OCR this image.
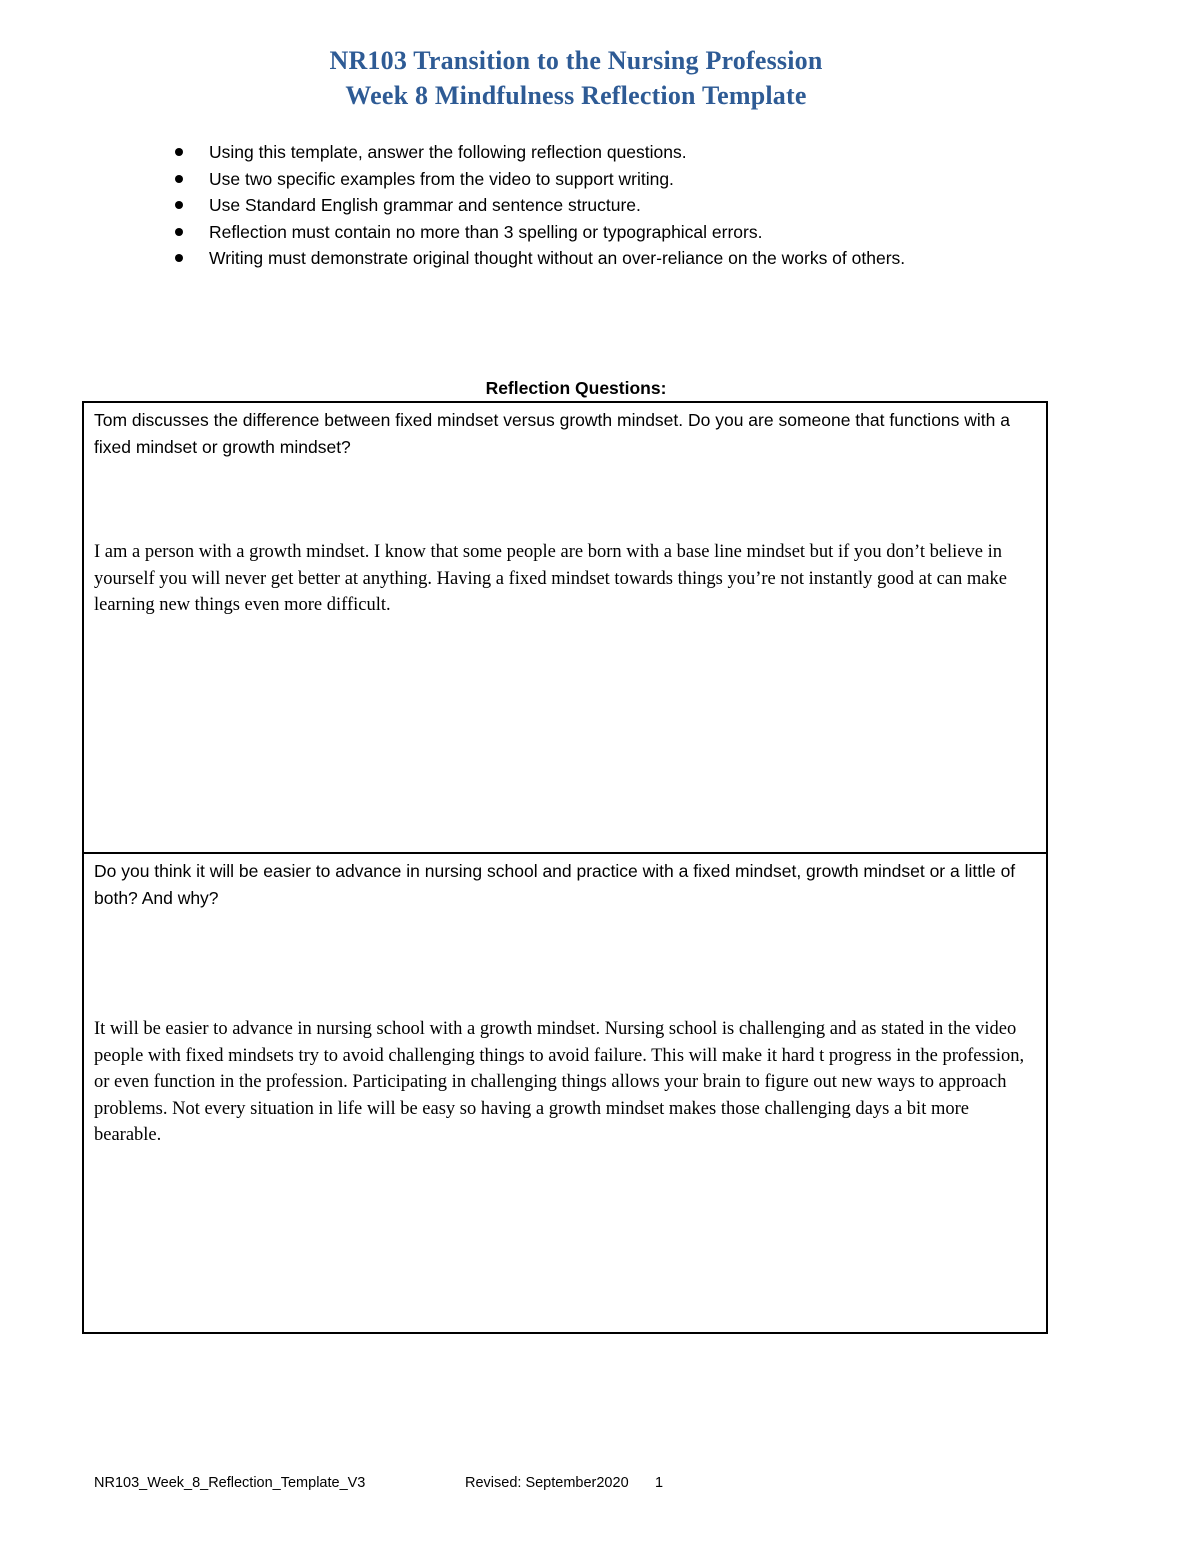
NR103 Transition to the Nursing Profession
Week 8 Mindfulness Reflection Template
Using this template, answer the following reflection questions.
Use two specific examples from the video to support writing.
Use Standard English grammar and sentence structure.
Reflection must contain no more than 3 spelling or typographical errors.
Writing must demonstrate original thought without an over-reliance on the works of others.
Reflection Questions:

Tom discusses the difference between fixed mindset versus growth mindset. Do you are someone that functions with a fixed mindset or growth mindset?

I am a person with a growth mindset. I know that some people are born with a base line mindset but if you don’t believe in yourself you will never get better at anything. Having a fixed mindset towards things you’re not instantly good at can make learning new things even more difficult.

Do you think it will be easier to advance in nursing school and practice with a fixed mindset, growth mindset or a little of both? And why?

It will be easier to advance in nursing school with a growth mindset. Nursing school is challenging and as stated in the video people with fixed mindsets try to avoid challenging things to avoid failure. This will make it hard t progress in the profession, or even function in the profession. Participating in challenging things allows your brain to figure out new ways to approach problems. Not every situation in life will be easy so having a growth mindset makes those challenging days a bit more bearable.

NR103_Week_8_Reflection_Template_V3	Revised: September2020 1
